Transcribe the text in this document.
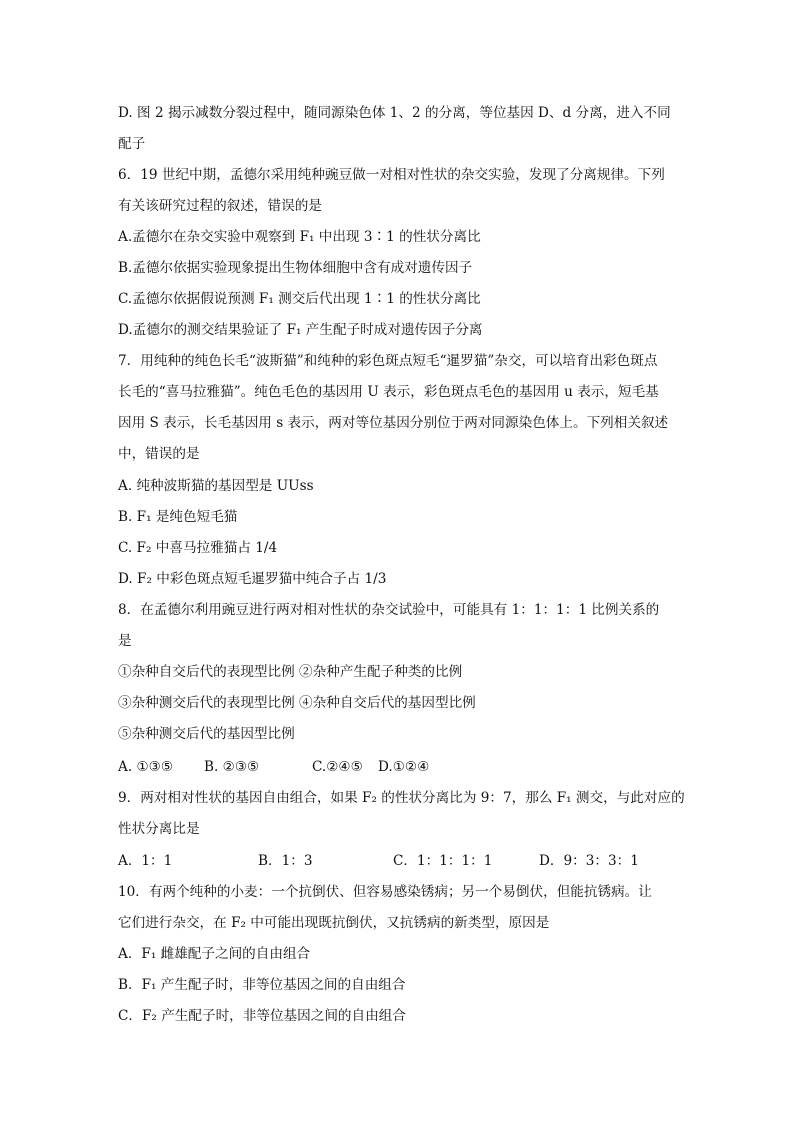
D. 图 2 揭示减数分裂过程中，随同源染色体 1、2 的分离，等位基因 D、d 分离，进入不同
配子
6．19 世纪中期，孟德尔采用纯种豌豆做一对相对性状的杂交实验，发现了分离规律。下列
有关该研究过程的叙述，错误的是
A.孟德尔在杂交实验中观察到 F₁ 中出现 3∶1 的性状分离比
B.孟德尔依据实验现象提出生物体细胞中含有成对遗传因子
C.孟德尔依据假说预测 F₁ 测交后代出现 1∶1 的性状分离比
D.孟德尔的测交结果验证了 F₁ 产生配子时成对遗传因子分离
7．用纯种的纯色长毛“波斯猫”和纯种的彩色斑点短毛“暹罗猫”杂交，可以培育出彩色斑点
长毛的“喜马拉雅猫”。纯色毛色的基因用 U 表示，彩色斑点毛色的基因用 u 表示，短毛基
因用 S 表示，长毛基因用 s 表示，两对等位基因分别位于两对同源染色体上。下列相关叙述
中，错误的是
A. 纯种波斯猫的基因型是 UUss
B. F₁ 是纯色短毛猫
C. F₂ 中喜马拉雅猫占 1/4
D. F₂ 中彩色斑点短毛暹罗猫中纯合子占 1/3
8．在孟德尔利用豌豆进行两对相对性状的杂交试验中，可能具有 1：1：1：1 比例关系的
是
①杂种自交后代的表现型比例 ②杂种产生配子种类的比例
③杂种测交后代的表现型比例 ④杂种自交后代的基因型比例
⑤杂种测交后代的基因型比例
A. ①③⑤	B. ②③⑤	C.②④⑤	D.①②④
9．两对相对性状的基因自由组合，如果 F₂ 的性状分离比为 9：7，那么 F₁ 测交，与此对应的
性状分离比是
A．1：1	B．1：3	C．1：1：1：1	D．9：3：3：1
10．有两个纯种的小麦：一个抗倒伏、但容易感染锈病；另一个易倒伏，但能抗锈病。让
它们进行杂交，在 F₂ 中可能出现既抗倒伏，又抗锈病的新类型，原因是
A．F₁ 雌雄配子之间的自由组合
B．F₁ 产生配子时，非等位基因之间的自由组合
C．F₂ 产生配子时，非等位基因之间的自由组合
